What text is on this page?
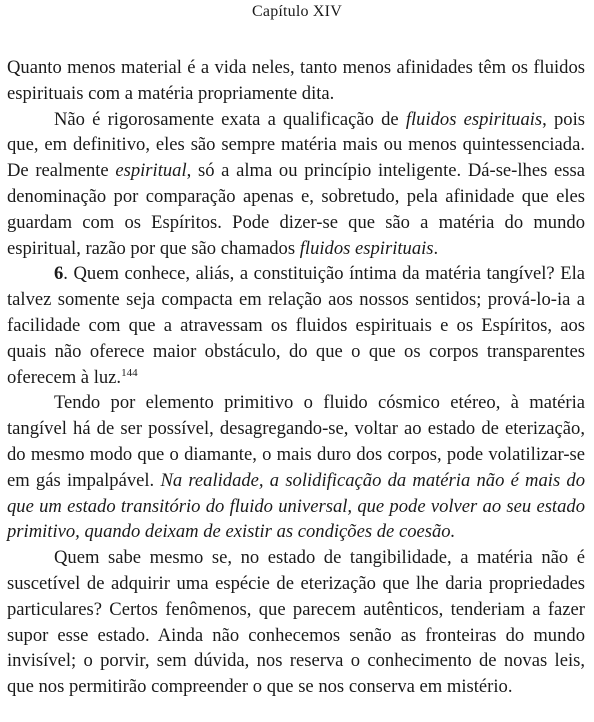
Capítulo XIV

Quanto menos material é a vida neles, tanto menos afinidades têm os fluidos espirituais com a matéria propriamente dita.

Não é rigorosamente exata a qualificação de fluidos espirituais, pois que, em definitivo, eles são sempre matéria mais ou menos quintessenciada. De realmente espiritual, só a alma ou princípio inteligente. Dá-se-lhes essa denominação por comparação apenas e, sobretudo, pela afinidade que eles guardam com os Espíritos. Pode dizer-se que são a matéria do mundo espiritual, razão por que são chamados fluidos espirituais.

6. Quem conhece, aliás, a constituição íntima da matéria tangível? Ela talvez somente seja compacta em relação aos nossos sentidos; prová-lo-ia a facilidade com que a atravessam os fluidos espirituais e os Espíritos, aos quais não oferece maior obstáculo, do que o que os corpos transparentes oferecem à luz.$^{144}$

Tendo por elemento primitivo o fluido cósmico etéreo, à matéria tangível há de ser possível, desagregando-se, voltar ao estado de eterização, do mesmo modo que o diamante, o mais duro dos corpos, pode volatilizar-se em gás impalpável. Na realidade, a solidificação da matéria não é mais do que um estado transitório do fluido universal, que pode volver ao seu estado primitivo, quando deixam de existir as condições de coesão.

Quem sabe mesmo se, no estado de tangibilidade, a matéria não é suscetível de adquirir uma espécie de eterização que lhe daria propriedades particulares? Certos fenômenos, que parecem autênticos, tenderiam a fazer supor esse estado. Ainda não conhecemos senão as fronteiras do mundo invisível; o porvir, sem dúvida, nos reserva o conhecimento de novas leis, que nos permitirão compreender o que se nos conserva em mistério.
